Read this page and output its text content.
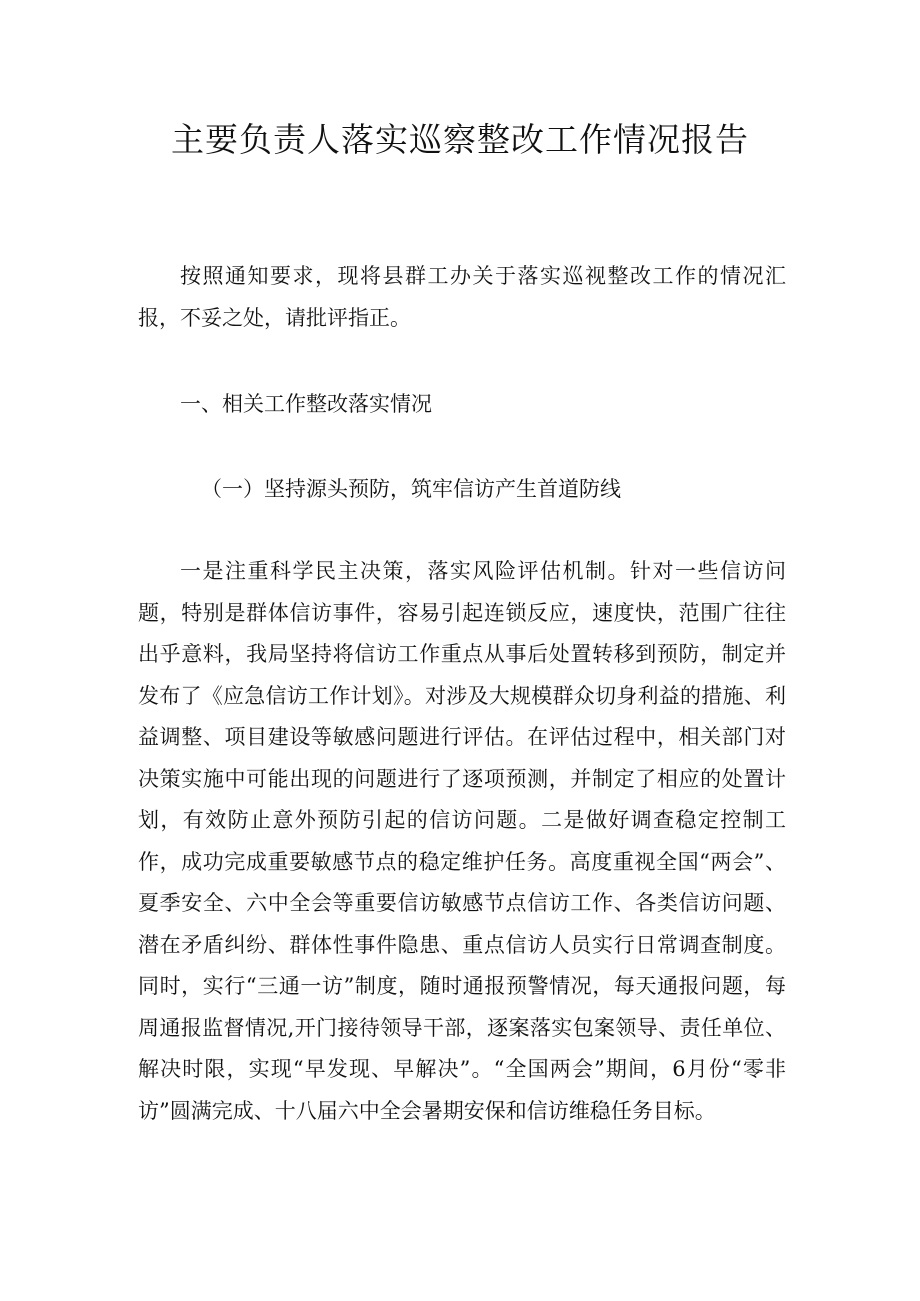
主要负责人落实巡察整改工作情况报告

按照通知要求，现将县群工办关于落实巡视整改工作的情况汇报，不妥之处，请批评指正。

一、相关工作整改落实情况

（一）坚持源头预防，筑牢信访产生首道防线

一是注重科学民主决策，落实风险评估机制。针对一些信访问题，特别是群体信访事件，容易引起连锁反应，速度快，范围广往往出乎意料，我局坚持将信访工作重点从事后处置转移到预防，制定并发布了《应急信访工作计划》。对涉及大规模群众切身利益的措施、利益调整、项目建设等敏感问题进行评估。在评估过程中，相关部门对决策实施中可能出现的问题进行了逐项预测，并制定了相应的处置计划，有效防止意外预防引起的信访问题。二是做好调查稳定控制工作，成功完成重要敏感节点的稳定维护任务。高度重视全国“两会”、夏季安全、六中全会等重要信访敏感节点信访工作、各类信访问题、潜在矛盾纠纷、群体性事件隐患、重点信访人员实行日常调查制度。同时，实行“三通一访”制度，随时通报预警情况，每天通报问题，每周通报监督情况,开门接待领导干部，逐案落实包案领导、责任单位、解决时限，实现“早发现、早解决”。“全国两会”期间，6月份“零非访”圆满完成、十八届六中全会暑期安保和信访维稳任务目标。
